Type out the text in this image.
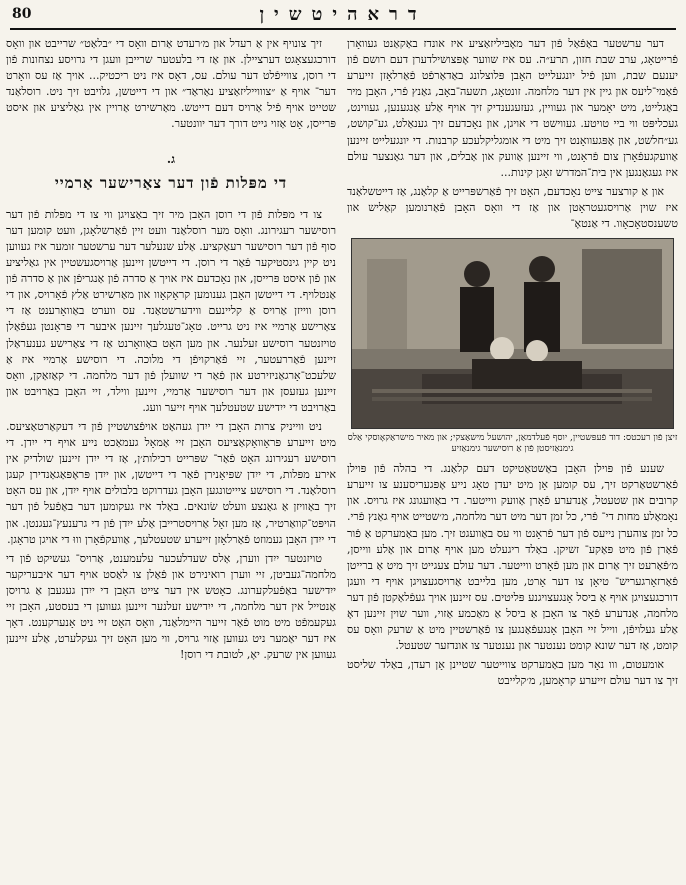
80	דראהיטשין

דער ערשטער באַפֿאַל פֿון דער מאָבּיליזאַציע איז אונדז באַקאַנט געוואָרן פֿרייטאָג, ערב שבת חזון, תרע״ה. עס איז שווער אָפּצושילדערן דעם רושם פֿון יענעם שבת, ווען פֿיל יונגעלייט האָבן פּלוצלונג באַדאַרפֿט פֿאַרלאָזן זייערע פֿאַמי־ליעס און גיין אין דער מלחמה. זונטאָג, תשעה־באָב, גאַנץ פֿרי, האָבן מיר באַגלייט, מיט יאָמער און געוויין, געזעגענדיק זיך אויף אַלע אַנגענען, געווינט, געכליפּט ווי ביי טויטע. געווישט די אויגן, און נאָכדעם זיך גענאַלט, גע־קושט, גע״חלשט, און אָפּגעוואָנט זיך מיט די אומגליקלעכע קרבנות. די יונגעלייט זיינען אַוועקגעפֿאָרן צום פֿראָנט, ווי זיינען אַוועק און אַבלים, און דער גאַנצער עולם איז געגאַנגען אין בית־המדרש זאָגן קינות...

און אַ קורצער צייט נאָכדעם, האָט זיך פֿאַרשפּרייט אַ קלאַנג, אַז דייטשלאַנד איז שוין אַרויסגעטראָטן און אַז די וואָס האָבן פֿאַרנומען קאַליש און טשענסטאָכאָוו. די אַנטאָ־

זיצן פֿון רעכטס: דוד פֿעפּשטיין, יוסף פֿעלדמאַן, יהושעל מישאַצקי; און מאיר מישראַקאָוסקי אַלס גימנאַזיסטן פֿון אַ רוסישער גימנאַזיע

שענע פֿון פּוילן האָבן באַשטאַטיקט דעם קלאַנג. די בהלה פֿון פּוילן פֿאַרשטאַרקט זיך, עס קומען אָן מיט יעדן טאָג נייע אָפּגעריסענע צו זייערע קרובים און שטעטל, אַנדערע פֿאָרן אַוועק ווייטער. די באַוועגונג איז גרויס. און נאָמאַלע מחות די־ פֿרי, כל זמן דער מיט דער מלחמה, מ׳שטייט אויף גאַנץ פֿרי. כל זמן צוהערן נייעס פֿון דער פֿראָנט ווי עס באַוועגט זיך. מען באַמערקט אַ פֿור פֿאַרן פֿון מיט פּאַקע־ זשיקן. באַלד ריגעלט מען אויף אַרום און אַלע ווייסן, מ׳פֿאַרעט זיך אַרום און מען פֿאָרט ווייטער. דער עולם צעגייט זיך מיט אַ ברייטן פֿאַרזאָרגעריש־ טיאָן צו דער אָרט, מען בלייבט אַרויסגעצויגן אויף די וועגן דורכגעצויגן אויף אַ ביסל אָנגעצויגנע פּליטים. עס זיינען אויך געפֿלאַקטן פֿון דער מלחמה, אַנדערע פֿאָר צו האָבן אַ ביסל אַ מאַכמע אַזוי, ווער שוין זיינען דאָ אַלע געלויפֿן, ווייל זיי האָבן אָנגעפֿאַנגען צו פֿאַרשטיין מיט אַ שרעק וואָס עס קומט, אַז דער שונא קומט נענטער און נענטער צו אונדזער שטעטל.

אומעטום, ווו נאָר מען באַמערקט צווייטער שטיינן אָן רעדן, באַלד שליסט זיך צו דער עולם זייערע קראָמען, מ׳קלייבט

זיך צונויף אין אַ רעדל און מ׳רעדט אַרום וואָס די ״בלאַט״ שרייבט און וואָס דורכגעצאָגט דערציילן. און אַז די בלעטער שרייבן וועגן די גרויסע נצחונות פֿון די רוסן, צווייפֿלט דער עולם. עס, דאָס איז ניט ריכטיק... אויך אַז עס וואָרט דער־ אויף אַ ״צוווייליזאַציע נאַראַד״ און די דייטשן, גלויבט זיך ניט. רוסלאַנד שטייט אויף פֿיל אַרויס דעם דייטש. מאַרשירט אַרויין אין גאַליציע און איסט פּרייסן, אָט אַזוי גייט דורך דער יוונטער.

ג.
די מפּלות פֿון דער צאַרישער אַרמיי

צו די מפּלות פֿון די רוסן האָבן מיר זיך באַצויגן ווי צו די מפּלות פֿון דער רוסישער רעגירונג. וואָס מער רוסלאַנד וועט זיין פֿאַרשלאָגן, וועט קומען דער סוף פֿון דער רוסישער רעאַקציע. אַלע שנעלער דער ערשטער זומער איז געווען ניט קיין גינסטיקער פֿאַר די רוסן. די דייטשן זיינען אַרויסגעשטיין אין גאַליציע און פֿון איסט פּרייסן, און נאָכדעם איז אויך אַ סדרה פֿון אַנגריפֿן און אַ סדרה פֿון אַנטלויף. די דייטשן האָבן גענומען קראָקאָוו און מאַרשירט אַלץ פֿאָרויס, און די רוסן ווייזן אַרויס אַ קליינעם ווידערשטאַנד. עס ווערט באַוואָרענט אַז די צאַרישע אַרמיי איז ניט גרייט. טאָג־טעגלעך זיינען איבער די פּראָנטן געפֿאַלן טויזנטער רוסישע זעלנער. און מען האָט באַוואָרנט אַז די צאַרישע גענעראַלן זיינען פֿאַררעטער, זיי פֿאַרקויפֿן די מלוכה. די רוסישע אַרמיי איז אַ שלעכט־אָרגאַניזירטע און פֿאַר די שוועלן פֿון דער מלחמה. די קאַזאַקן, וואָס זיינען געזעסן און דער רוסישער אַרמיי, זיינען ווילד, זיי האָבן באַרויבט און באַרויבט די ייִדישע שטעטלעך אויף זייער וועג.

ניט ווייניק צרות האָבן די ייִדן געהאַט אויפֿצושטיין פֿון די דעקאַרטאַציעס. מיט זייערע פּראָוואָקאַציעס האָבן זיי אַמאָל געמאַכט נייע אויף די ייִדן. די רוסישע רעגירונג האָט פֿאַר־ שפּרייט רכילות׳ן, אַז די ייִדן זיינען שולדיק אין אירע מפּלות, די ייִדן שפּיאָנירן פֿאַר די דייטשן, און ייִדן פּראָפּאַגאַנדירן קעגן רוסלאַנד. די רוסישע ציייטונגען האָבן געדרוקט בלבולים אויף ייִדן, און עס האָט זיך באַוויזן אַ גאַנצע וועלט שׂונאים. באַלד איז געקומען דער באַפֿעל פֿון דער הויפּט־קוואַרטיר, אַז מען זאָל אַרויסטרייבן אַלע ייִדן פֿון די גרענעץ־געגנטן. און די ייִדן האָבן געמוזט פֿאַרלאָזן זייערע שטעטלעך, אַוועקפֿאָרן וווּ די אויגן טראָגן.

טויזנטער ייִדן ווערן, אַלס שעדלעכער עלעמענט, אַרויס־ געשיקט פֿון די מלחמה־געביטן, זיי ווערן רואינירט און פֿאַלן צו לאַסט אויף דער איבעריקער ייִדישער באַפֿעלקערונג. כאָטש אין דער צייט האָבן די ייִדן געגעבן אַ גרויסן אַנטייל אין דער מלחמה, די ייִדישע זעלנער זיינען געווען די בעסטע, האָבן זיי געקעמפֿט מיט מוט פֿאַר זייער היימלאַנד, וואָס האָט זיי ניט אָנערקענט. דאָך איז דער יאַמער ניט געווען אַזוי גרויס, ווי מען האָט זיך געקלערט, אַלע זיינען געווען אין שרעק. יאָ, לטובת די רוסן!
